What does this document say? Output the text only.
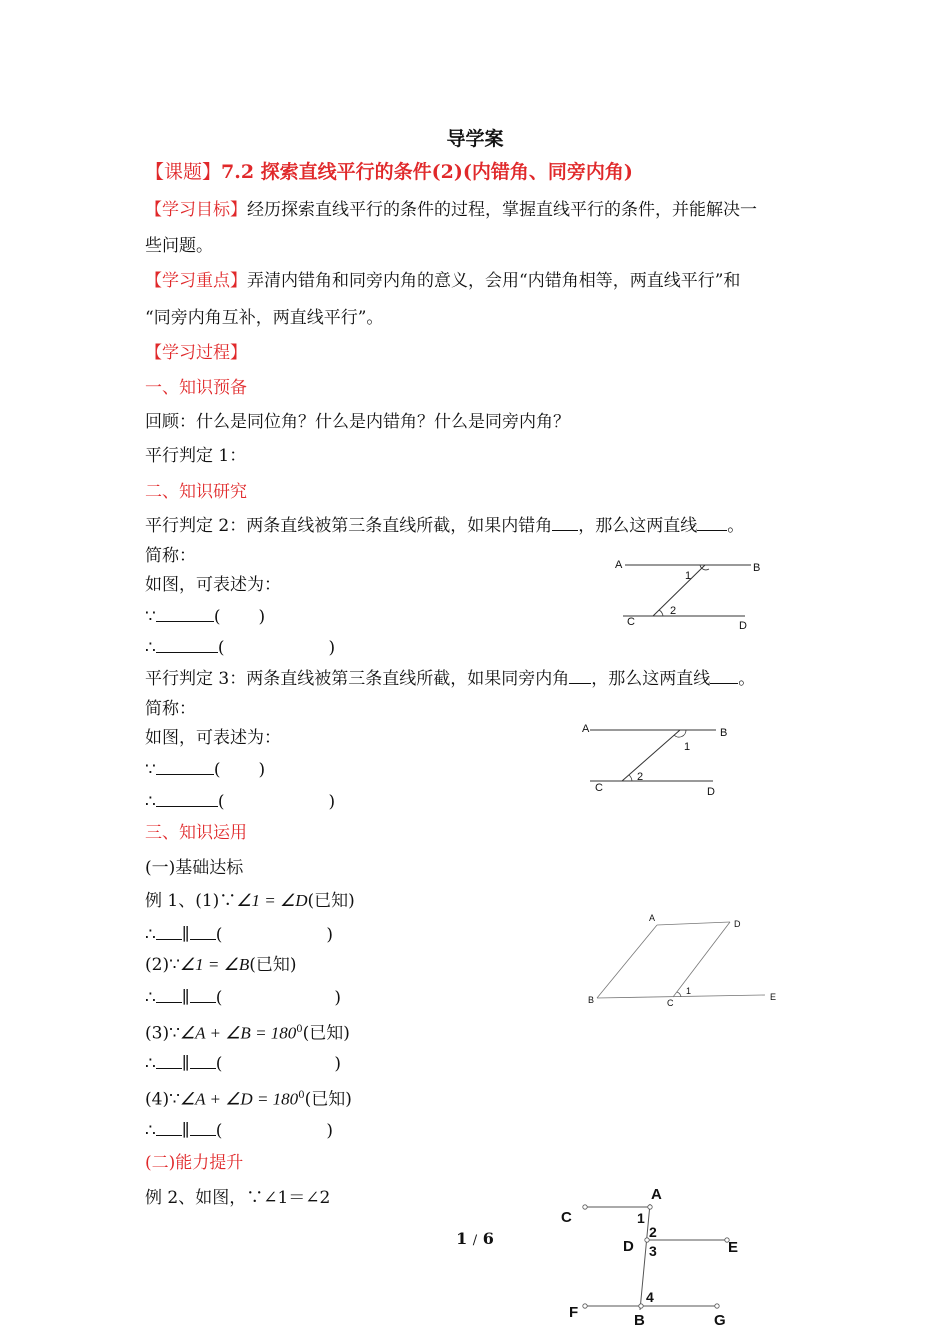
导学案
【课题】7.2 探索直线平行的条件(2)(内错角、同旁内角)
【学习目标】经历探索直线平行的条件的过程，掌握直线平行的条件，并能解决一
些问题。
【学习重点】弄清内错角和同旁内角的意义，会用“内错角相等，两直线平行”和
“同旁内角互补，两直线平行”。
【学习过程】
一、知识预备
回顾：什么是同位角？什么是内错角？什么是同旁内角？
平行判定 1：
二、知识研究
平行判定 2：两条直线被第三条直线所截，如果内错角 ，那么这两直线 。
简称：
如图，可表述为：
∵	( )
∴	(	)
平行判定 3：两条直线被第三条直线所截，如果同旁内角 ，那么这两直线 。
简称：
如图，可表述为：
∵	( )
∴	(	)
三、知识运用
(一)基础达标
例 1、(1)∵∠1 = ∠D(已知)
∴ ∥ (	)
(2)∵∠1 = ∠B(已知)
∴ ∥ (	)
(3)∵∠A + ∠B = $180^0$(已知)
∴ ∥ (	)
(4)∵∠A + ∠D = $180^0$(已知)
∴ ∥ (	)
(二)能力提升
例 2、如图，∵∠1＝∠2
1 / 6
A	B
C	D
1
2
A	B
C	D
1
2
A
D
B	C
E
1
A
C	1
2
D 3	E
4
F	B	G
